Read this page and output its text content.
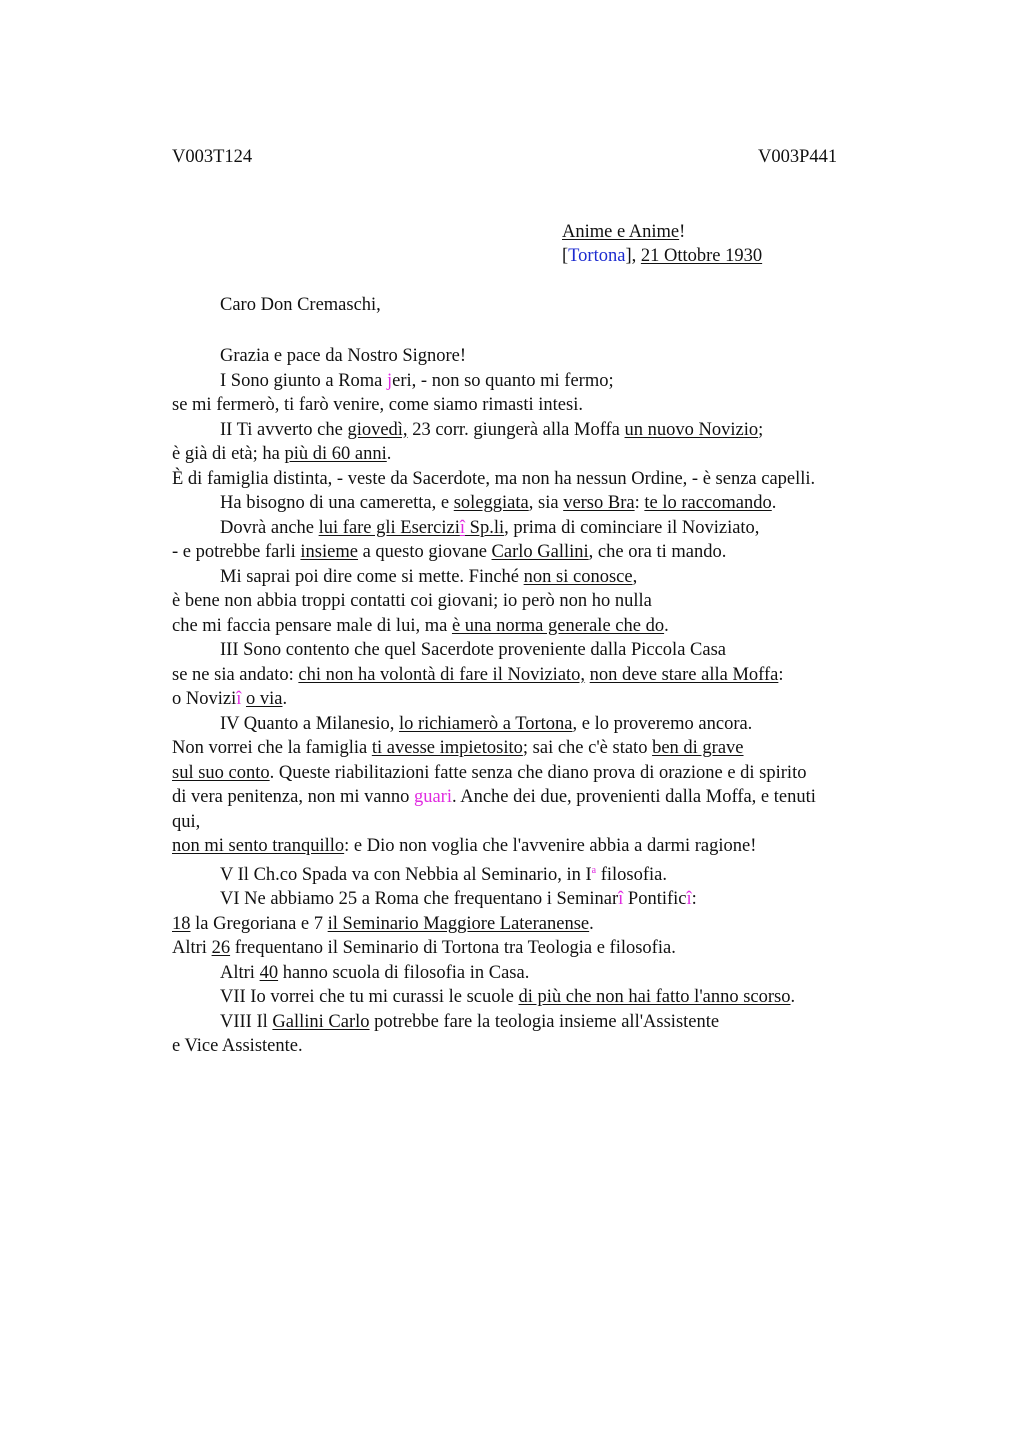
V003T124	V003P441
Anime e Anime!
[Tortona], 21 Ottobre 1930
Caro Don Cremaschi,
Grazia e pace da Nostro Signore!
I Sono giunto a Roma jeri, - non so quanto mi fermo;
se mi fermerò, ti farò venire, come siamo rimasti intesi.
II Ti avverto che giovedì, 23 corr. giungerà alla Moffa un nuovo Novizio;
è già di età; ha più di 60 anni.
È di famiglia distinta, - veste da Sacerdote, ma non ha nessun Ordine, - è senza capelli.
Ha bisogno di una cameretta, e soleggiata, sia verso Bra: te lo raccomando.
Dovrà anche lui fare gli Eserciziî Sp.li, prima di cominciare il Noviziato,
- e potrebbe farli insieme a questo giovane Carlo Gallini, che ora ti mando.
Mi saprai poi dire come si mette. Finché non si conosce,
è bene non abbia troppi contatti coi giovani; io però non ho nulla
che mi faccia pensare male di lui, ma è una norma generale che do.
III Sono contento che quel Sacerdote proveniente dalla Piccola Casa
se ne sia andato: chi non ha volontà di fare il Noviziato, non deve stare alla Moffa:
o Noviziî o via.
IV Quanto a Milanesio, lo richiamerò a Tortona, e lo proveremo ancora.
Non vorrei che la famiglia ti avesse impietosito; sai che c'è stato ben di grave
sul suo conto. Queste riabilitazioni fatte senza che diano prova di orazione e di spirito
di vera penitenza, non mi vanno guari. Anche dei due, provenienti dalla Moffa, e tenuti
qui,
non mi sento tranquillo: e Dio non voglia che l'avvenire abbia a darmi ragione!
V Il Ch.co Spada va con Nebbia al Seminario, in $I^a$ filosofia.
VI Ne abbiamo 25 a Roma che frequentano i Seminarî Pontificî:
18 la Gregoriana e 7 il Seminario Maggiore Lateranense.
Altri 26 frequentano il Seminario di Tortona tra Teologia e filosofia.
Altri 40 hanno scuola di filosofia in Casa.
VII Io vorrei che tu mi curassi le scuole di più che non hai fatto l'anno scorso.
VIII Il Gallini Carlo potrebbe fare la teologia insieme all'Assistente
e Vice Assistente.
